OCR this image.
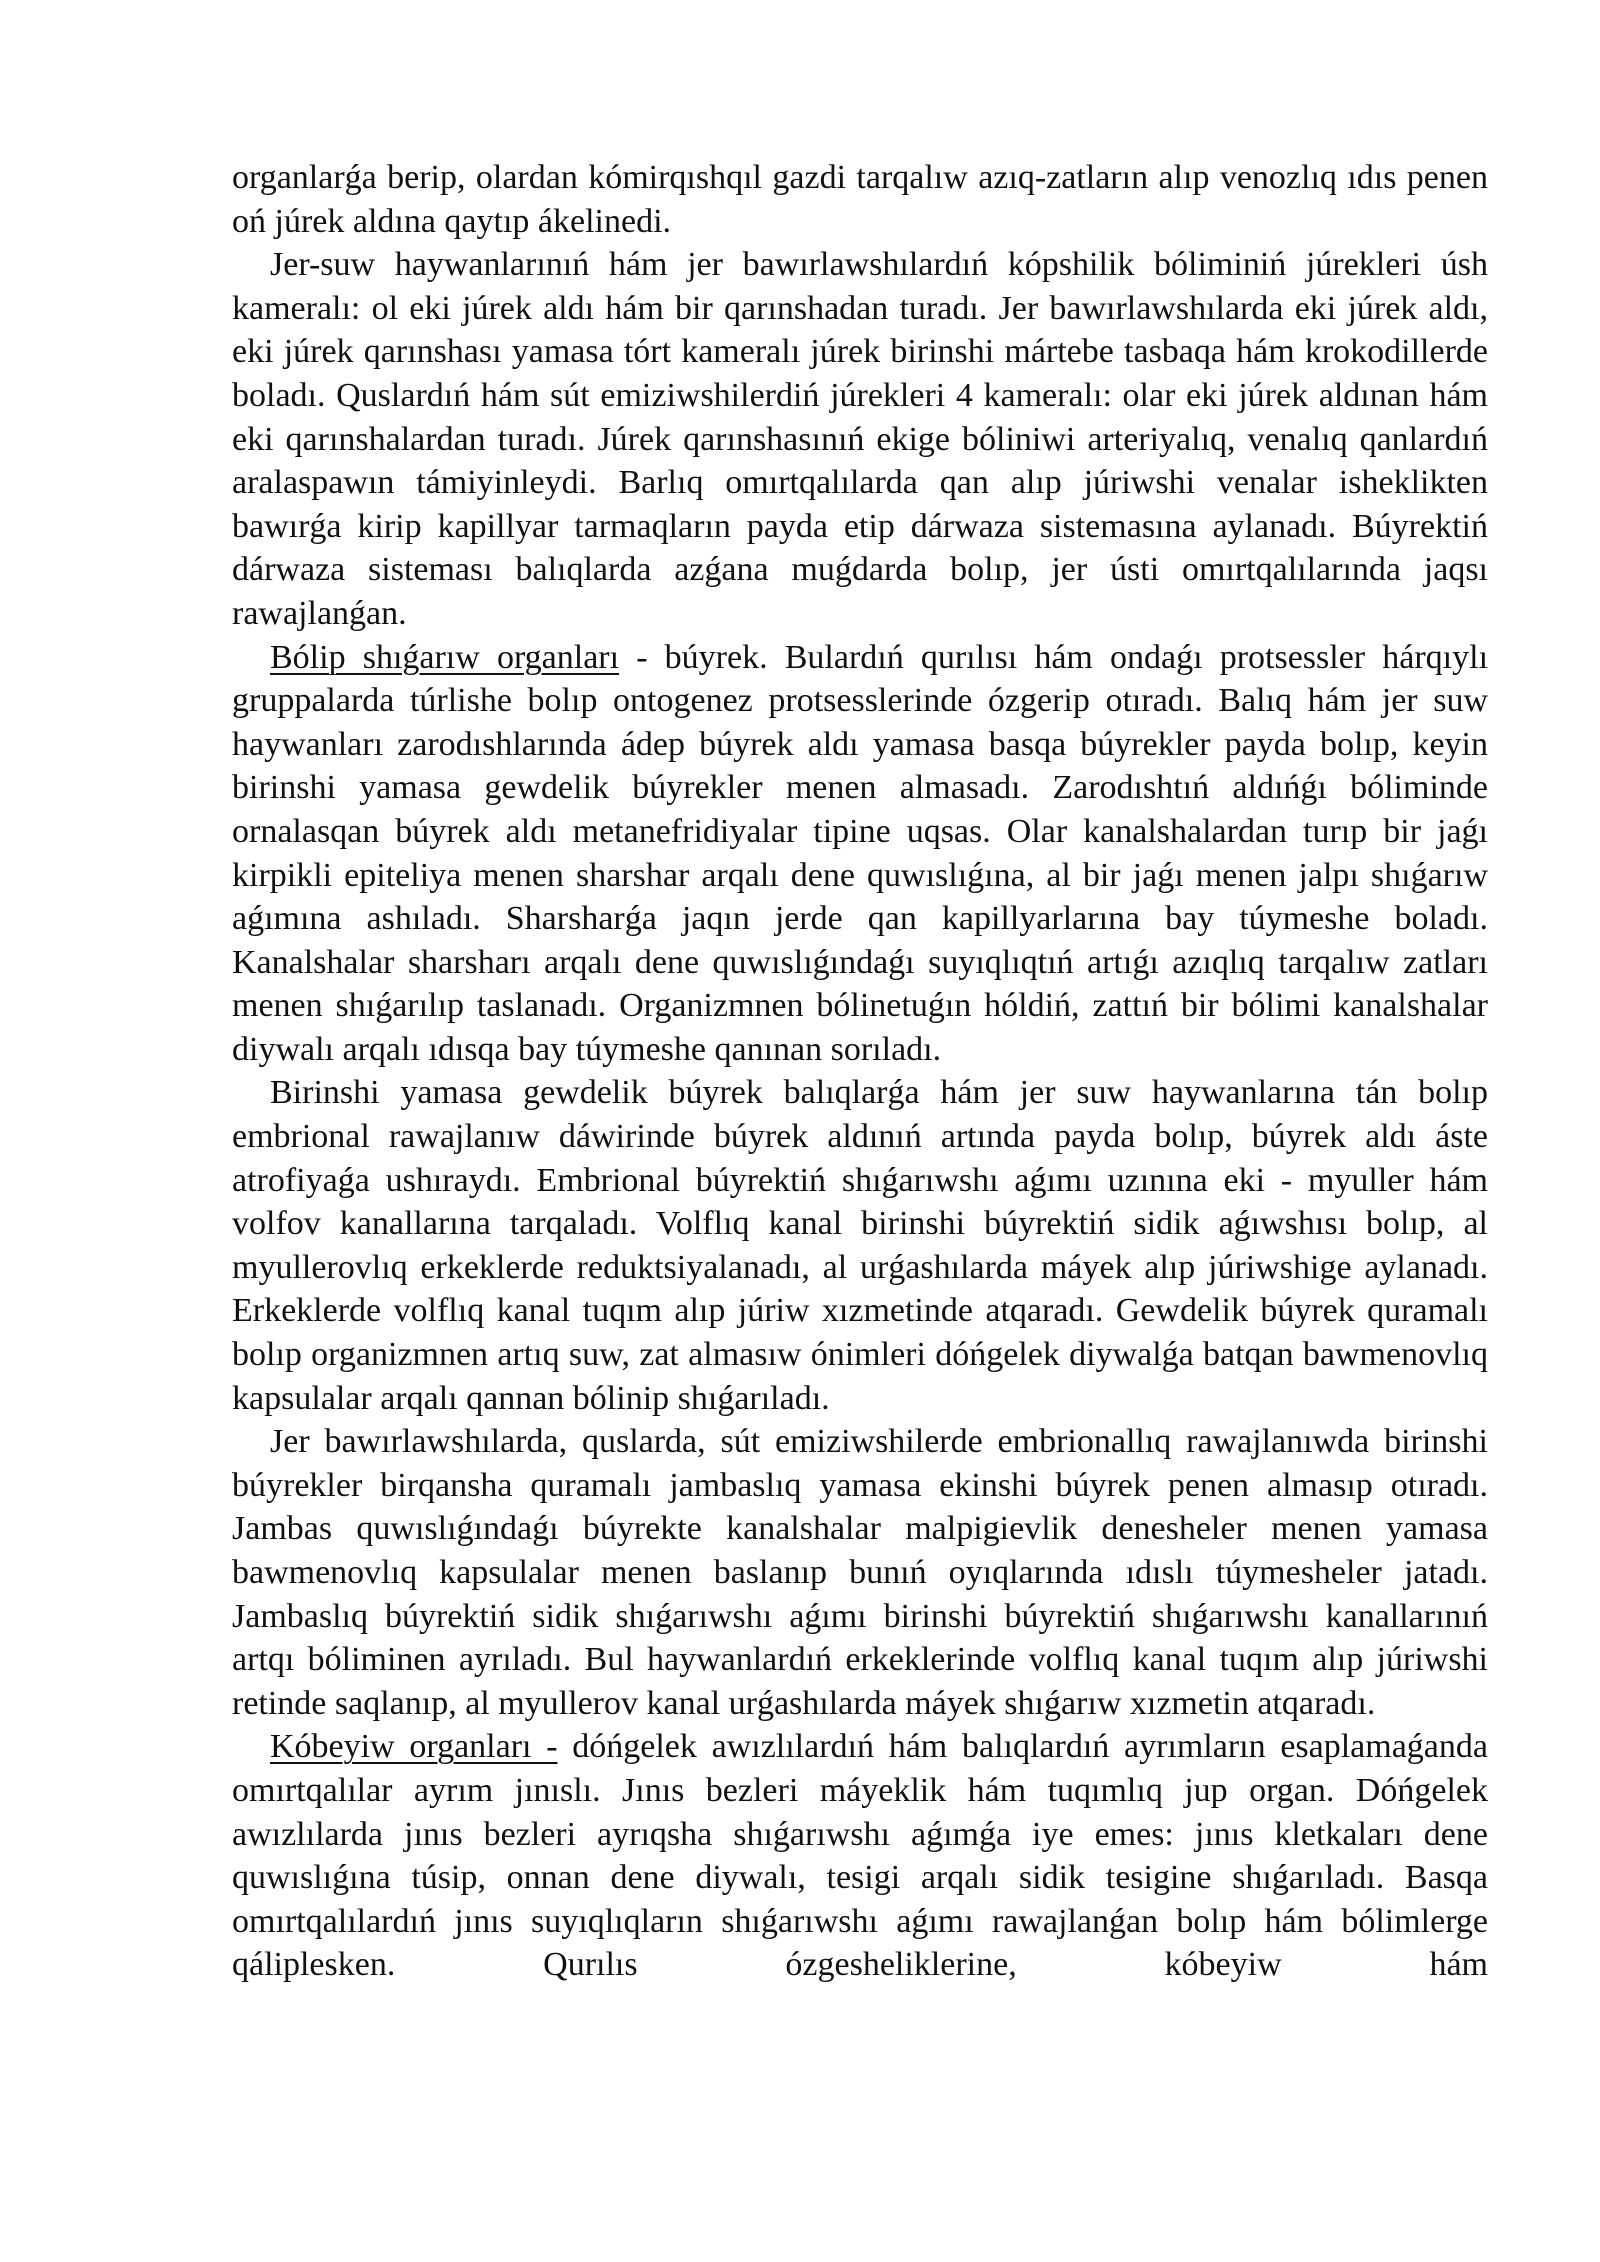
organlarǵa berip, olardan kómirqıshqıl gazdi tarqalıw azıq-zatların alıp venozlıq ıdıs penen oń júrek aldına qaytıp ákelinedi.

Jer-suw haywanlarınıń hám jer bawırlawshılardıń kópshilik bóliminiń júrekleri úsh kameralı: ol eki júrek aldı hám bir qarınshadan turadı. Jer bawırlawshılarda eki júrek aldı, eki júrek qarınshası yamasa tórt kameralı júrek birinshi mártebe tasbaqa hám krokodillerde boladı. Quslardıń hám sút emiziwshilerdiń júrekleri 4 kameralı: olar eki júrek aldınan hám eki qarınshalardan turadı. Júrek qarınshasınıń ekige bóliniwi arteriyalıq, venalıq qanlardıń aralaspawın támiyinleydi. Barlıq omırtqalılarda qan alıp júriwshi venalar isheklikten bawırǵa kirip kapillyar tarmaqların payda etip dárwaza sistemasına aylanadı. Búyrektiń dárwaza sisteması balıqlarda azǵana muǵdarda bolıp, jer ústi omırtqalılarında jaqsı rawajlanǵan.

Bólip shıǵarıw organları - búyrek. Bulardıń qurılısı hám ondaǵı protsessler hárqıylı gruppalarda túrlishe bolıp ontogenez protsesslerinde ózgerip otıradı. Balıq hám jer suw haywanları zarodıshlarında ádep búyrek aldı yamasa basqa búyrekler payda bolıp, keyin birinshi yamasa gewdelik búyrekler menen almasadı. Zarodıshtıń aldıńǵı bóliminde ornalasqan búyrek aldı metanefridiyalar tipine uqsas. Olar kanalshalardan turıp bir jaǵı kirpikli epiteliya menen sharshar arqalı dene quwıslıǵına, al bir jaǵı menen jalpı shıǵarıw aǵımına ashıladı. Sharsharǵa jaqın jerde qan kapillyarlarına bay túymeshe boladı. Kanalshalar sharsharı arqalı dene quwıslıǵındaǵı suyıqlıqtıń artıǵı azıqlıq tarqalıw zatları menen shıǵarılıp taslanadı. Organizmnen bólinetuǵın hóldiń, zattıń bir bólimi kanalshalar diywalı arqalı ıdısqa bay túymeshe qanınan sorıladı.

Birinshi yamasa gewdelik búyrek balıqlarǵa hám jer suw haywanlarına tán bolıp embrional rawajlanıw dáwirinde búyrek aldınıń artında payda bolıp, búyrek aldı áste atrofiyaǵa ushıraydı. Embrional búyrektiń shıǵarıwshı aǵımı uzınına eki - myuller hám volfov kanallarına tarqaladı. Volflıq kanal birinshi búyrektiń sidik aǵıwshısı bolıp, al myullerovlıq erkeklerde reduktsiyalanadı, al urǵashılarda máyek alıp júriwshige aylanadı. Erkeklerde volflıq kanal tuqım alıp júriw xızmetinde atqaradı. Gewdelik búyrek quramalı bolıp organizmnen artıq suw, zat almasıw ónimleri dóńgelek diywalǵa batqan bawmenovlıq kapsulalar arqalı qannan bólinip shıǵarıladı.

Jer bawırlawshılarda, quslarda, sút emiziwshilerde embrionallıq rawajlanıwda birinshi búyrekler birqansha quramalı jambaslıq yamasa ekinshi búyrek penen almasıp otıradı. Jambas quwıslıǵındaǵı búyrekte kanalshalar malpigievlik denesheler menen yamasa bawmenovlıq kapsulalar menen baslanıp bunıń oyıqlarında ıdıslı túymesheler jatadı. Jambaslıq búyrektiń sidik shıǵarıwshı aǵımı birinshi búyrektiń shıǵarıwshı kanallarınıń artqı bóliminen ayrıladı. Bul haywanlardıń erkeklerinde volflıq kanal tuqım alıp júriwshi retinde saqlanıp, al myullerov kanal urǵashılarda máyek shıǵarıw xızmetin atqaradı.

Kóbeyiw organları - dóńgelek awızlılardıń hám balıqlardıń ayrımların esaplamaǵanda omırtqalılar ayrım jınıslı. Jınıs bezleri máyeklik hám tuqımlıq jup organ. Dóńgelek awızlılarda jınıs bezleri ayrıqsha shıǵarıwshı aǵımǵa iye emes: jınıs kletkaları dene quwıslıǵına túsip, onnan dene diywalı, tesigi arqalı sidik tesigine shıǵarıladı. Basqa omırtqalılardıń jınıs suyıqlıqların shıǵarıwshı aǵımı rawajlanǵan bolıp hám bólimlerge qáliplesken. Qurılıs ózgesheliklerine, kóbeyiw hám
